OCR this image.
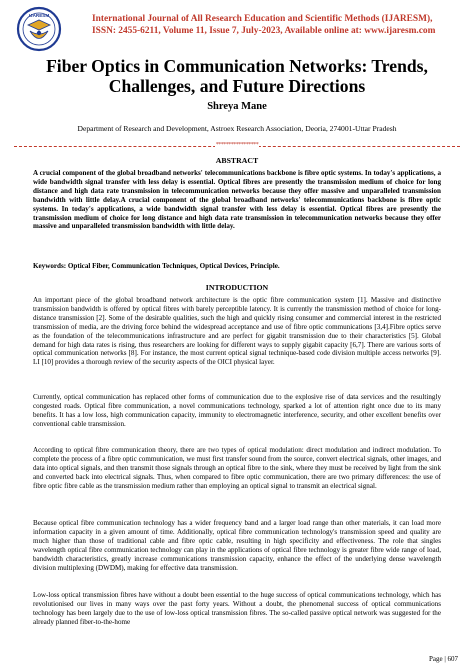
IJARESM	International Journal of All Research Education and Scientific Methods (IJARESM),
ISSN: 2455-6211, Volume 11, Issue 7, July-2023, Available online at: www.ijaresm.com
Fiber Optics in Communication Networks: Trends,
Challenges, and Future Directions
Shreya Mane
Department of Research and Development, Astroex Research Association, Deoria, 274001-Uttar Pradesh
*****************
ABSTRACT
A crucial component of the global broadband networks' telecommunications backbone is fibre optic systems. In today's applications, a wide bandwidth signal transfer with less delay is essential. Optical fibres are presently the transmission medium of choice for long distance and high data rate transmission in telecommunication networks because they offer massive and unparalleled transmission bandwidth with little delay.A crucial component of the global broadband networks' telecommunications backbone is fibre optic systems. In today's applications, a wide bandwidth signal transfer with less delay is essential. Optical fibres are presently the transmission medium of choice for long distance and high data rate transmission in telecommunication networks because they offer massive and unparalleled transmission bandwidth with little delay.
Keywords: Optical Fiber, Communication Techniques, Optical Devices, Principle.
INTRODUCTION
An important piece of the global broadband network architecture is the optic fibre communication system [1]. Massive and distinctive transmission bandwidth is offered by optical fibres with barely perceptible latency. It is currently the transmission method of choice for long-distance transmission [2]. Some of the desirable qualities, such the high and quickly rising consumer and commercial interest in the restricted transmission of media, are the driving force behind the widespread acceptance and use of fibre optic communications [3,4].Fibre optics serve as the foundation of the telecommunications infrastructure and are perfect for gigabit transmission due to their characteristics [5]. Global demand for high data rates is rising, thus researchers are looking for different ways to supply gigabit capacity [6,7]. There are various sorts of optical communication networks [8]. For instance, the most current optical signal technique-based code division multiple access networks [9]. LI [10] provides a thorough review of the security aspects of the OICI physical layer.
Currently, optical communication has replaced other forms of communication due to the explosive rise of data services and the resultingly congested roads. Optical fibre communication, a novel communications technology, sparked a lot of attention right once due to its many benefits. It has a low loss, high communication capacity, immunity to electromagnetic interference, security, and other excellent benefits over conventional cable transmission.
According to optical fibre communication theory, there are two types of optical modulation: direct modulation and indirect modulation. To complete the process of a fibre optic communication, we must first transfer sound from the source, convert electrical signals, other images, and data into optical signals, and then transmit those signals through an optical fibre to the sink, where they must be received by light from the sink and converted back into electrical signals. Thus, when compared to fibre optic communication, there are two primary differences: the use of fibre optic fibre cable as the transmission medium rather than employing an optical signal to transmit an electrical signal.
Because optical fibre communication technology has a wider frequency band and a larger load range than other materials, it can load more information capacity in a given amount of time. Additionally, optical fibre communication technology's transmission speed and quality are much higher than those of traditional cable and fibre optic cable, resulting in high specificity and effectiveness. The role that singles wavelength optical fibre communication technology can play in the applications of optical fibre technology is greater fibre wide range of load, bandwidth characteristics, greatly increase communications transmission capacity, enhance the effect of the underlying dense wavelength division multiplexing (DWDM), making for effective data transmission.
Low-loss optical transmission fibres have without a doubt been essential to the huge success of optical communications technology, which has revolutionised our lives in many ways over the past forty years. Without a doubt, the phenomenal success of optical communications technology has been largely due to the use of low-loss optical transmission fibres. The so-called passive optical network was suggested for the already planned fiber-to-the-home
Page | 607
